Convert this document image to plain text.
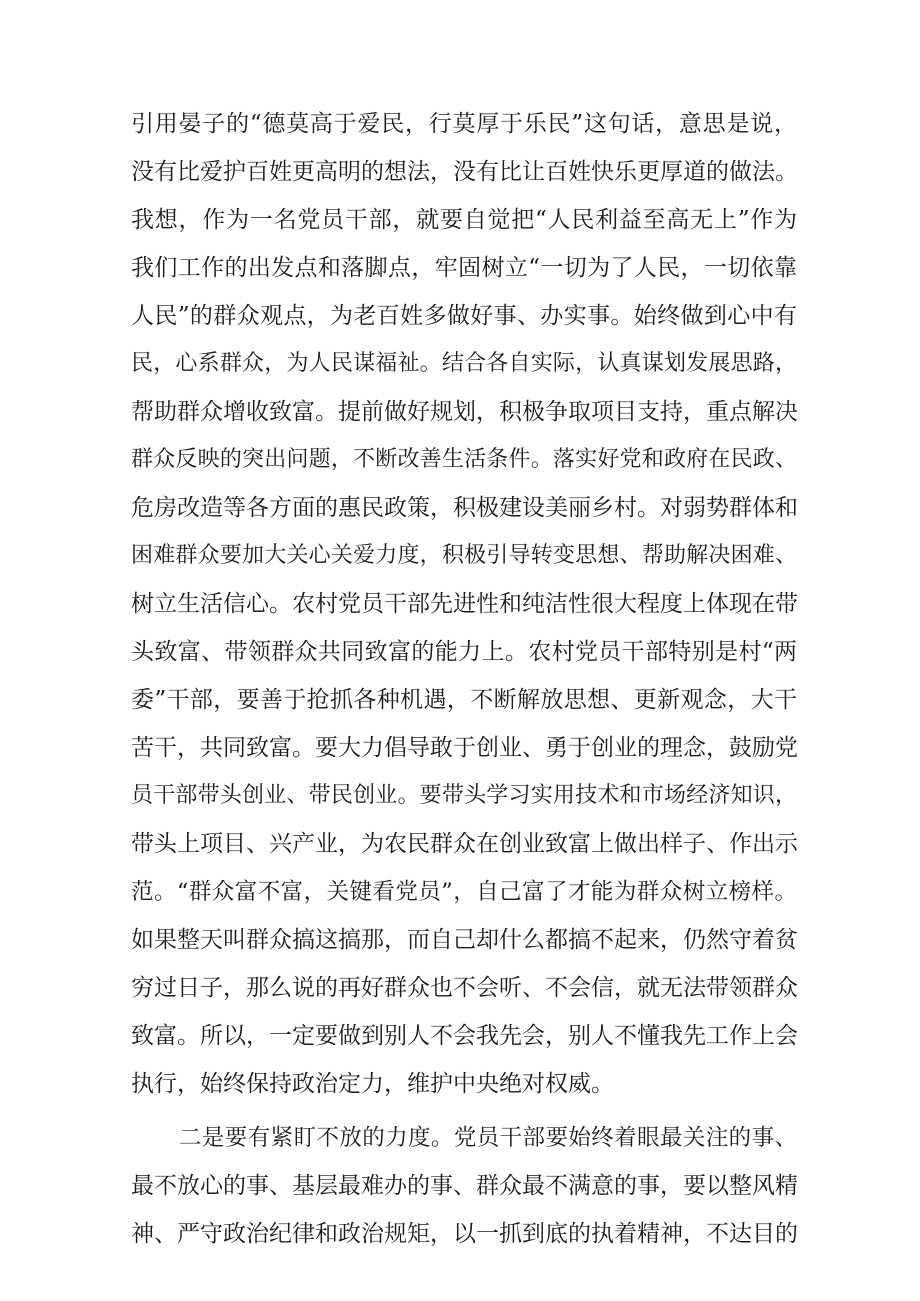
引用晏子的“德莫高于爱民，行莫厚于乐民”这句话，意思是说，
没有比爱护百姓更高明的想法，没有比让百姓快乐更厚道的做法。
我想，作为一名党员干部，就要自觉把“人民利益至高无上”作为
我们工作的出发点和落脚点，牢固树立“一切为了人民，一切依靠
人民”的群众观点，为老百姓多做好事、办实事。始终做到心中有
民，心系群众，为人民谋福祉。结合各自实际，认真谋划发展思路，
帮助群众增收致富。提前做好规划，积极争取项目支持，重点解决
群众反映的突出问题，不断改善生活条件。落实好党和政府在民政、
危房改造等各方面的惠民政策，积极建设美丽乡村。对弱势群体和
困难群众要加大关心关爱力度，积极引导转变思想、帮助解决困难、
树立生活信心。农村党员干部先进性和纯洁性很大程度上体现在带
头致富、带领群众共同致富的能力上。农村党员干部特别是村“两
委”干部，要善于抢抓各种机遇，不断解放思想、更新观念，大干
苦干，共同致富。要大力倡导敢于创业、勇于创业的理念，鼓励党
员干部带头创业、带民创业。要带头学习实用技术和市场经济知识，
带头上项目、兴产业，为农民群众在创业致富上做出样子、作出示
范。“群众富不富，关键看党员”，自己富了才能为群众树立榜样。
如果整天叫群众搞这搞那，而自己却什么都搞不起来，仍然守着贫
穷过日子，那么说的再好群众也不会听、不会信，就无法带领群众
致富。所以，一定要做到别人不会我先会，别人不懂我先工作上会
执行，始终保持政治定力，维护中央绝对权威。
二是要有紧盯不放的力度。党员干部要始终着眼最关注的事、
最不放心的事、基层最难办的事、群众最不满意的事，要以整风精
神、严守政治纪律和政治规矩，以一抓到底的执着精神，不达目的
